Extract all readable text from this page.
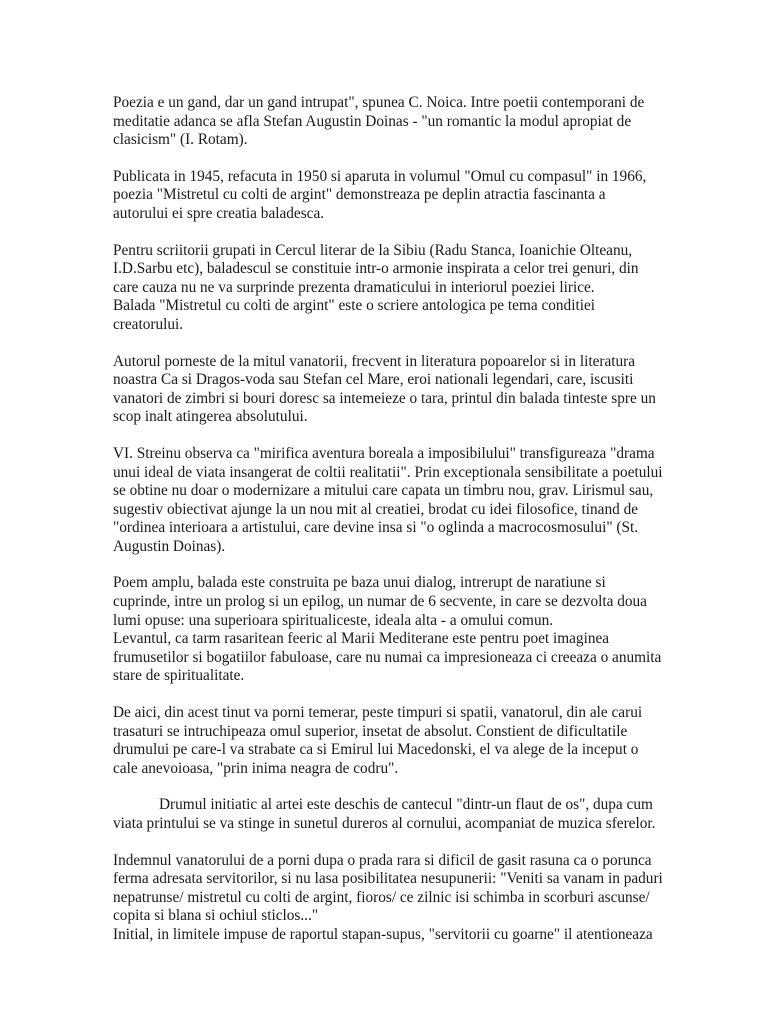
Poezia e un gand, dar un gand intrupat", spunea C. Noica. Intre poetii contemporani de
meditatie adanca se afla Stefan Augustin Doinas - "un romantic la modul apropiat de
clasicism" (I. Rotam).

Publicata in 1945, refacuta in 1950 si aparuta in volumul "Omul cu compasul" in 1966,
poezia "Mistretul cu colti de argint" demonstreaza pe deplin atractia fascinanta a
autorului ei spre creatia baladesca.

Pentru scriitorii grupati in Cercul literar de la Sibiu (Radu Stanca, Ioanichie Olteanu,
I.D.Sarbu etc), baladescul se constituie intr-o armonie inspirata a celor trei genuri, din
care cauza nu ne va surprinde prezenta dramaticului in interiorul poeziei lirice.
Balada "Mistretul cu colti de argint" este o scriere antologica pe tema conditiei
creatorului.

Autorul porneste de la mitul vanatorii, frecvent in literatura popoarelor si in literatura
noastra Ca si Dragos-voda sau Stefan cel Mare, eroi nationali legendari, care, iscusiti
vanatori de zimbri si bouri doresc sa intemeieze o tara, printul din balada tinteste spre un
scop inalt atingerea absolutului.

VI. Streinu observa ca "mirifica aventura boreala a imposibilului" transfigureaza "drama
unui ideal de viata insangerat de coltii realitatii". Prin exceptionala sensibilitate a poetului
se obtine nu doar o modernizare a mitului care capata un timbru nou, grav. Lirismul sau,
sugestiv obiectivat ajunge la un nou mit al creatiei, brodat cu idei filosofice, tinand de
"ordinea interioara a artistului, care devine insa si "o oglinda a macrocosmosului" (St.
Augustin Doinas).

Poem amplu, balada este construita pe baza unui dialog, intrerupt de naratiune si
cuprinde, intre un prolog si un epilog, un numar de 6 secvente, in care se dezvolta doua
lumi opuse: una superioara spiritualiceste, ideala alta - a omului comun.
Levantul, ca tarm rasaritean feeric al Marii Mediterane este pentru poet imaginea
frumusetilor si bogatiilor fabuloase, care nu numai ca impresioneaza ci creeaza o anumita
stare de spiritualitate.

De aici, din acest tinut va porni temerar, peste timpuri si spatii, vanatorul, din ale carui
trasaturi se intruchipeaza omul superior, insetat de absolut. Constient de dificultatile
drumului pe care-l va strabate ca si Emirul lui Macedonski, el va alege de la inceput o
cale anevoioasa, "prin inima neagra de codru".

Drumul initiatic al artei este deschis de cantecul "dintr-un flaut de os", dupa cum
viata printului se va stinge in sunetul dureros al cornului, acompaniat de muzica sferelor.

Indemnul vanatorului de a porni dupa o prada rara si dificil de gasit rasuna ca o porunca
ferma adresata servitorilor, si nu lasa posibilitatea nesupunerii: "Veniti sa vanam in paduri
nepatrunse/ mistretul cu colti de argint, fioros/ ce zilnic isi schimba in scorburi ascunse/
copita si blana si ochiul sticlos..."
Initial, in limitele impuse de raportul stapan-supus, "servitorii cu goarne" il atentioneaza
